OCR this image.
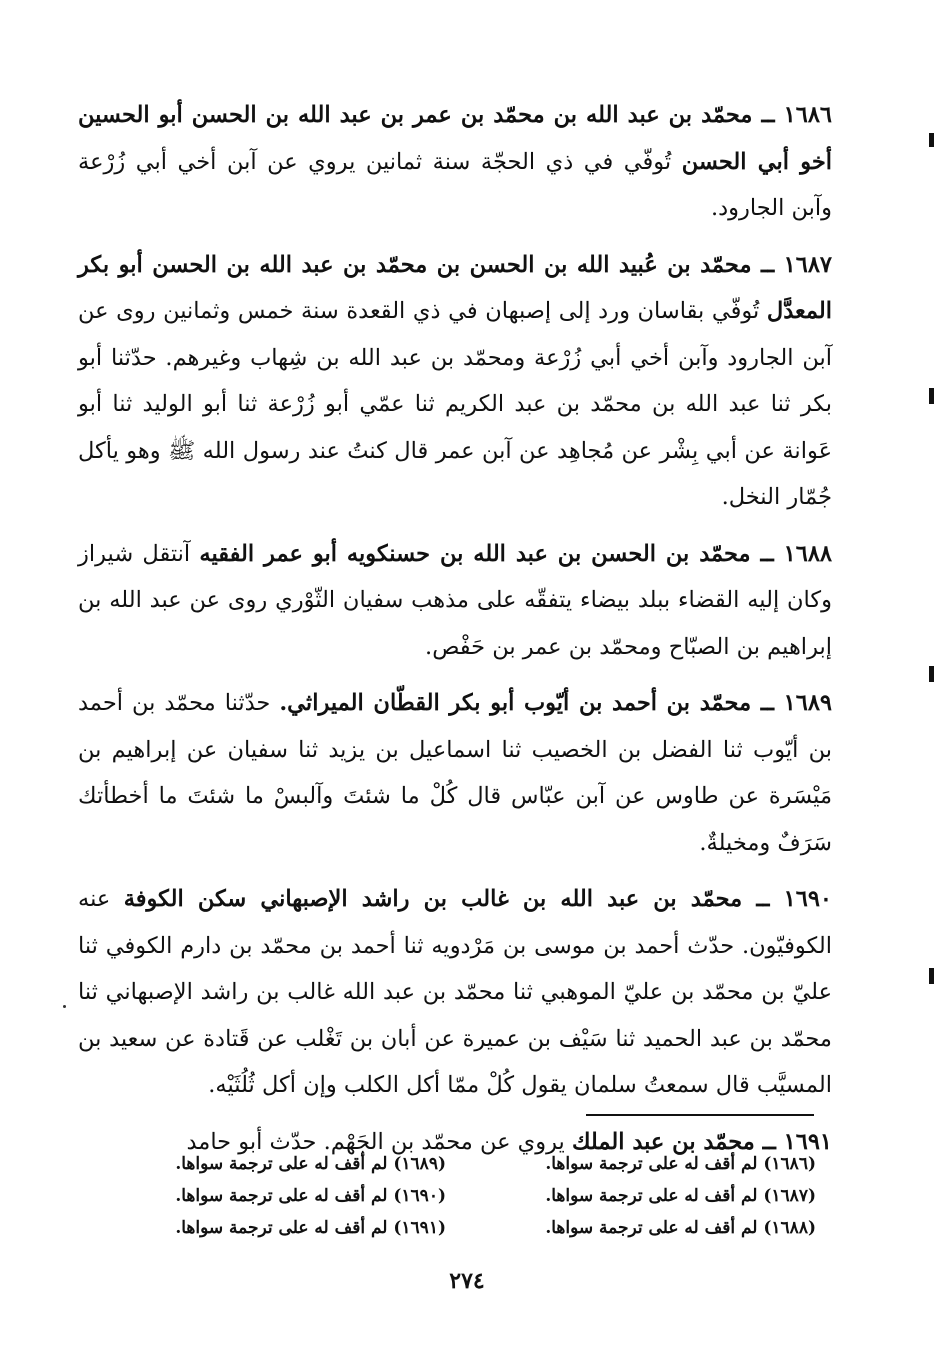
١٦٨٦ ــ محمّد بن عبد الله بن محمّد بن عمر بن عبد الله بن الحسن أبو الحسين أخو أبي الحسن تُوفّي في ذي الحجّة سنة ثمانين يروي عن آبن أخي أبي زُرْعة وآبن الجارود.

١٦٨٧ ــ محمّد بن عُبيد الله بن الحسن بن محمّد بن عبد الله بن الحسن أبو بكر المعدَّل تُوفّي بقاسان ورد إلى إصبهان في ذي القعدة سنة خمس وثمانين روى عن آبن الجارود وآبن أخي أبي زُرْعة ومحمّد بن عبد الله بن شِهاب وغيرهم. حدّثنا أبو بكر ثنا عبد الله بن محمّد بن عبد الكريم ثنا عمّي أبو زُرْعة ثنا أبو الوليد ثنا أبو عَوانة عن أبي بِشْر عن مُجاهِد عن آبن عمر قال كنتُ عند رسول الله ﷺ وهو يأكل جُمّار النخل.

١٦٨٨ ــ محمّد بن الحسن بن عبد الله بن حسنكويه أبو عمر الفقيه آنتقل شيراز وكان إليه القضاء ببلد بيضاء يتفقّه على مذهب سفيان الثّوْري روى عن عبد الله بن إبراهيم بن الصبّاح ومحمّد بن عمر بن حَفْص.

١٦٨٩ ــ محمّد بن أحمد بن أيّوب أبو بكر القطّان الميراثي. حدّثنا محمّد بن أحمد بن أيّوب ثنا الفضل بن الخصيب ثنا اسماعيل بن يزيد ثنا سفيان عن إبراهيم بن مَيْسَرة عن طاوس عن آبن عبّاس قال كُلْ ما شئتَ وآلبسْ ما شئتَ ما أخطأتك سَرَفٌ ومخيلةٌ.

١٦٩٠ ــ محمّد بن عبد الله بن غالب بن راشد الإصبهاني سكن الكوفة عنه الكوفيّون. حدّث أحمد بن موسى بن مَرْدويه ثنا أحمد بن محمّد بن دارم الكوفي ثنا عليّ بن محمّد بن عليّ الموهبي ثنا محمّد بن عبد الله غالب بن راشد الإصبهاني ثنا محمّد بن عبد الحميد ثنا سَيْف بن عميرة عن أبان بن تَغْلب عن قَتادة عن سعيد بن المسيَّب قال سمعتُ سلمان يقول كُلْ ممّا أكل الكلب وإن أكل ثُلُثَيْه.

١٦٩١ ــ محمّد بن عبد الملك يروي عن محمّد بن الجَهْم. حدّث أبو حامد

(١٦٨٦) لم أقف له على ترجمة سواها.
(١٦٨٧) لم أقف له على ترجمة سواها.
(١٦٨٨) لم أقف له على ترجمة سواها.
(١٦٨٩) لم أقف له على ترجمة سواها.
(١٦٩٠) لم أقف له على ترجمة سواها.
(١٦٩١) لم أقف له على ترجمة سواها.
٢٧٤
